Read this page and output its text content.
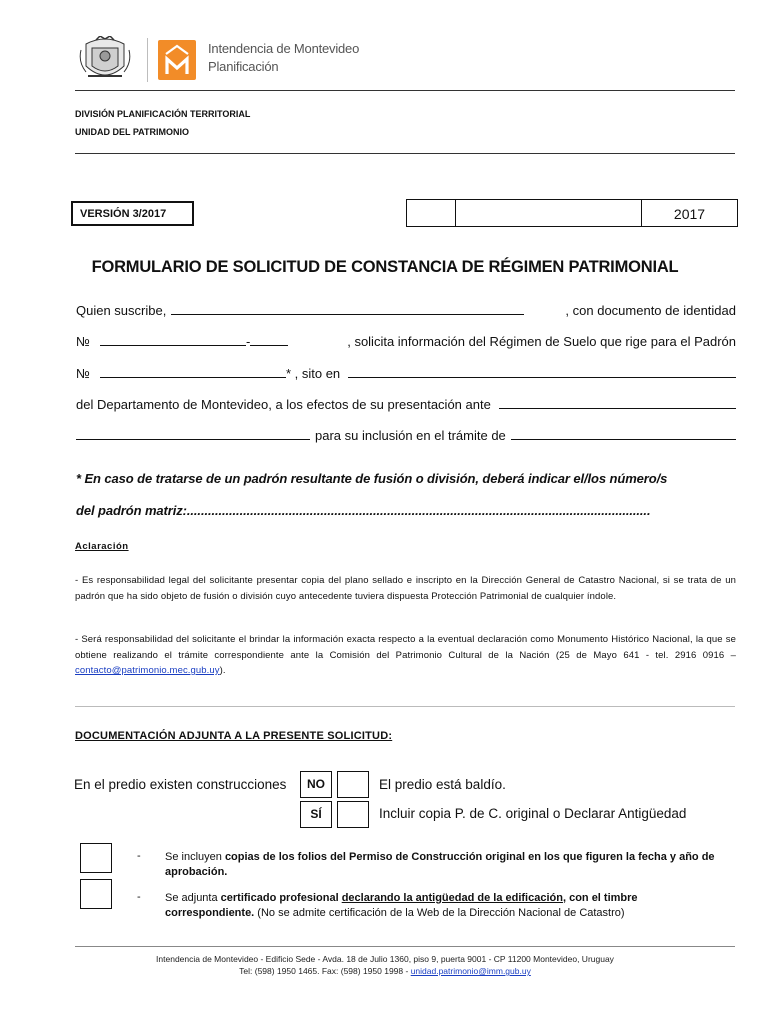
Intendencia de Montevideo
Planificación
DIVISIÓN PLANIFICACIÓN TERRITORIAL
UNIDAD DEL PATRIMONIO
VERSIÓN 3/2017	2017
FORMULARIO DE SOLICITUD DE CONSTANCIA DE RÉGIMEN PATRIMONIAL
Quien suscribe,	, con documento de identidad
№	-	, solicita información del Régimen de Suelo que rige para el Padrón
№	* , sito en
del Departamento de Montevideo, a los efectos de su presentación ante
para su inclusión en el trámite de
* En caso de tratarse de un padrón resultante de fusión o división, deberá indicar el/los número/s
del padrón matriz:....................................................................................................................................
Aclaración
- Es responsabilidad legal del solicitante presentar copia del plano sellado e inscripto en la Dirección General de Catastro Nacional, si se trata de un padrón que ha sido objeto de fusión o división cuyo antecedente tuviera dispuesta Protección Patrimonial de cualquier índole.
- Será responsabilidad del solicitante el brindar la información exacta respecto a la eventual declaración como Monumento Histórico Nacional, la que se obtiene realizando el trámite correspondiente ante la Comisión del Patrimonio Cultural de la Nación (25 de Mayo 641 - tel. 2916 0916 – contacto@patrimonio.mec.gub.uy).
DOCUMENTACIÓN ADJUNTA A LA PRESENTE SOLICITUD:
En el predio existen construcciones	NO	El predio está baldío.
SÍ	Incluir copia P. de C. original o Declarar Antigüedad
- Se incluyen copias de los folios del Permiso de Construcción original en los que figuren la fecha y año de aprobación.
- Se adjunta certificado profesional declarando la antigüedad de la edificación, con el timbre correspondiente. (No se admite certificación de la Web de la Dirección Nacional de Catastro)
Intendencia de Montevideo - Edificio Sede - Avda. 18 de Julio 1360, piso 9, puerta 9001 - CP 11200 Montevideo, Uruguay
Tel: (598) 1950 1465. Fax: (598) 1950 1998 - unidad.patrimonio@imm.gub.uy
